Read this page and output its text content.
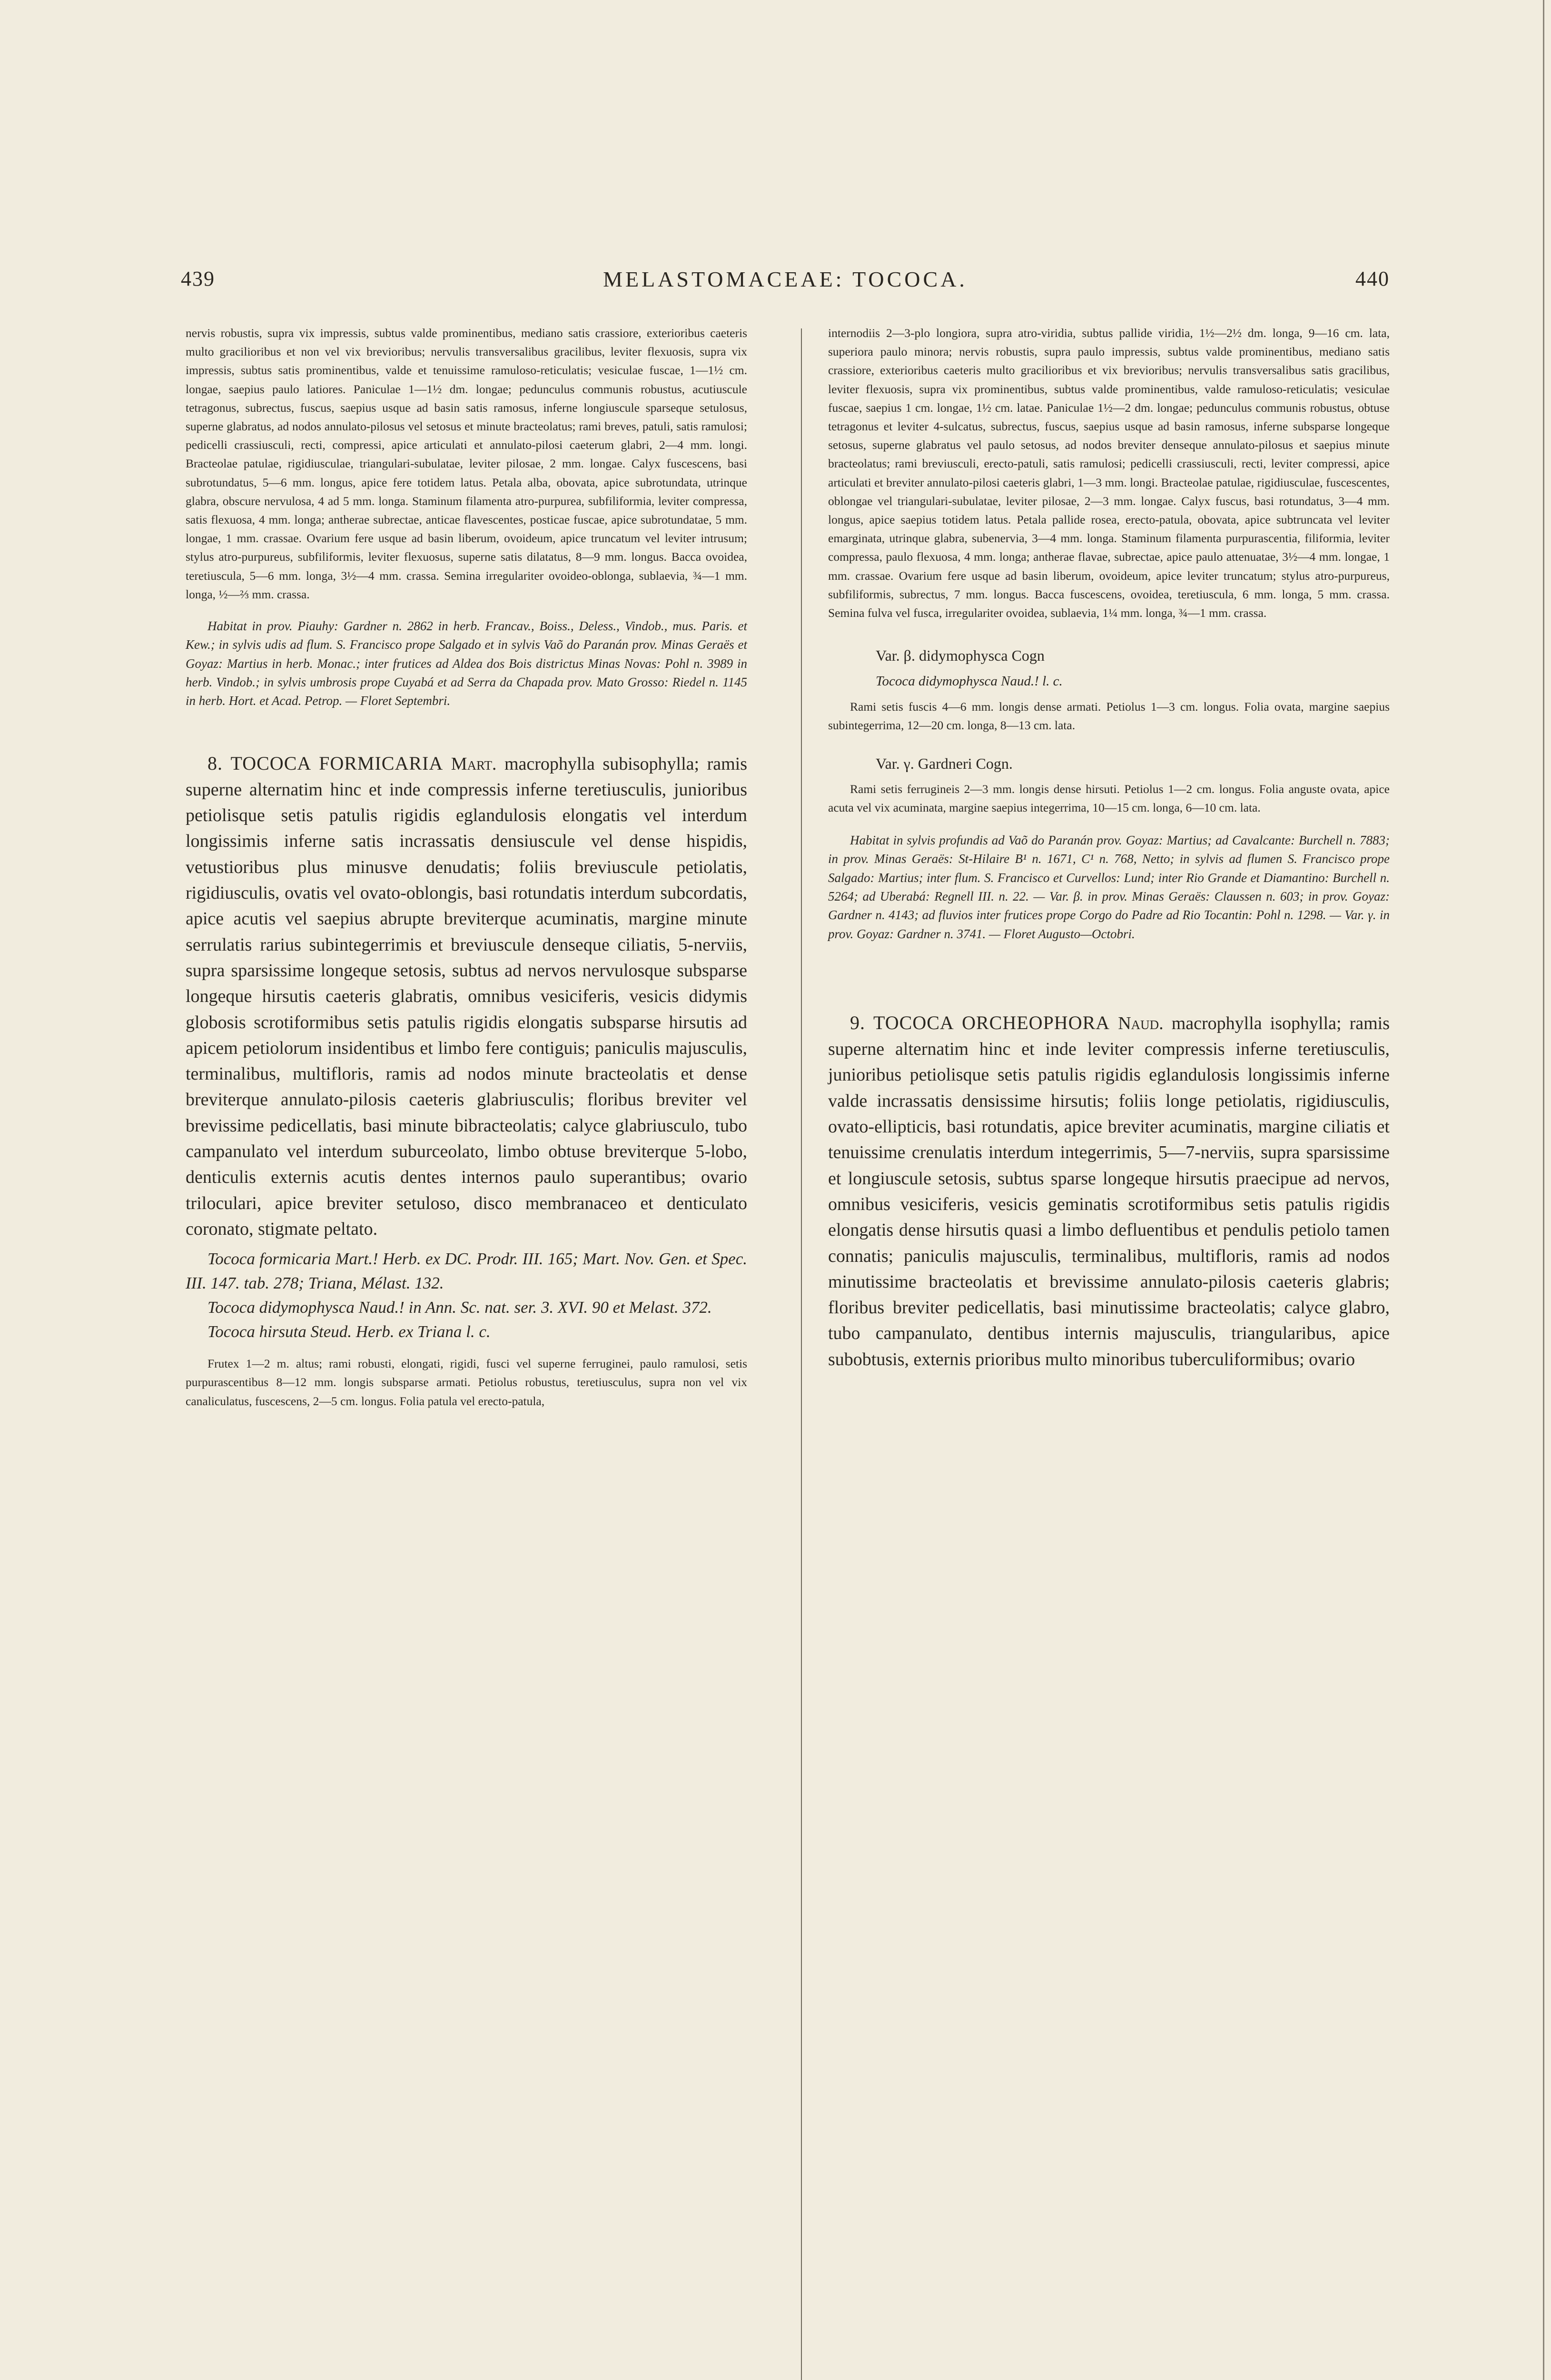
439	MELASTOMACEAE: TOCOCA.	440

nervis robustis, supra vix impressis, subtus valde prominentibus, mediano satis crassiore, exterioribus caeteris multo gracilioribus et non vel vix brevioribus; nervulis transversalibus gracilibus, leviter flexuosis, supra vix impressis, subtus satis prominentibus, valde et tenuissime ramuloso-reticulatis; vesiculae fuscae, 1—1½ cm. longae, saepius paulo latiores. Paniculae 1—1½ dm. longae; pedunculus communis robustus, acutiuscule tetragonus, subrectus, fuscus, saepius usque ad basin satis ramosus, inferne longiuscule sparseque setulosus, superne glabratus, ad nodos annulato-pilosus vel setosus et minute bracteolatus; rami breves, patuli, satis ramulosi; pedicelli crassiusculi, recti, compressi, apice articulati et annulato-pilosi caeterum glabri, 2—4 mm. longi. Bracteolae patulae, rigidiusculae, triangulari-subulatae, leviter pilosae, 2 mm. longae. Calyx fuscescens, basi subrotundatus, 5—6 mm. longus, apice fere totidem latus. Petala alba, obovata, apice subrotundata, utrinque glabra, obscure nervulosa, 4 ad 5 mm. longa. Staminum filamenta atro-purpurea, subfiliformia, leviter compressa, satis flexuosa, 4 mm. longa; antherae subrectae, anticae flavescentes, posticae fuscae, apice subrotundatae, 5 mm. longae, 1 mm. crassae. Ovarium fere usque ad basin liberum, ovoideum, apice truncatum vel leviter intrusum; stylus atro-purpureus, subfiliformis, leviter flexuosus, superne satis dilatatus, 8—9 mm. longus. Bacca ovoidea, teretiuscula, 5—6 mm. longa, 3½—4 mm. crassa. Semina irregulariter ovoideo-oblonga, sublaevia, ¾—1 mm. longa, ½—⅔ mm. crassa.

Habitat in prov. Piauhy: Gardner n. 2862 in herb. Francav., Boiss., Deless., Vindob., mus. Paris. et Kew.; in sylvis udis ad flum. S. Francisco prope Salgado et in sylvis Vaõ do Paranán prov. Minas Geraës et Goyaz: Martius in herb. Monac.; inter frutices ad Aldea dos Bois districtus Minas Novas: Pohl n. 3989 in herb. Vindob.; in sylvis umbrosis prope Cuyabá et ad Serra da Chapada prov. Mato Grosso: Riedel n. 1145 in herb. Hort. et Acad. Petrop. — Floret Septembri.

8. TOCOCA FORMICARIA Mart. macrophylla subisophylla; ramis superne alternatim hinc et inde compressis inferne teretiusculis, junioribus petiolisque setis patulis rigidis eglandulosis elongatis vel interdum longissimis inferne satis incrassatis densiuscule vel dense hispidis, vetustioribus plus minusve denudatis; foliis breviuscule petiolatis, rigidiusculis, ovatis vel ovato-oblongis, basi rotundatis interdum subcordatis, apice acutis vel saepius abrupte breviterque acuminatis, margine minute serrulatis rarius subintegerrimis et breviuscule denseque ciliatis, 5-nerviis, supra sparsissime longeque setosis, subtus ad nervos nervulosque subsparse longeque hirsutis caeteris glabratis, omnibus vesiciferis, vesicis didymis globosis scrotiformibus setis patulis rigidis elongatis subsparse hirsutis ad apicem petiolorum insidentibus et limbo fere contiguis; paniculis majusculis, terminalibus, multifloris, ramis ad nodos minute bracteolatis et dense breviterque annulato-pilosis caeteris glabriusculis; floribus breviter vel brevissime pedicellatis, basi minute bibracteolatis; calyce glabriusculo, tubo campanulato vel interdum suburceolato, limbo obtuse breviterque 5-lobo, denticulis externis acutis dentes internos paulo superantibus; ovario triloculari, apice breviter setuloso, disco membranaceo et denticulato coronato, stigmate peltato.

Tococa formicaria Mart.! Herb. ex DC. Prodr. III. 165; Mart. Nov. Gen. et Spec. III. 147. tab. 278; Triana, Mélast. 132.

Tococa didymophysca Naud.! in Ann. Sc. nat. ser. 3. XVI. 90 et Melast. 372.

Tococa hirsuta Steud. Herb. ex Triana l. c.

Frutex 1—2 m. altus; rami robusti, elongati, rigidi, fusci vel superne ferruginei, paulo ramulosi, setis purpurascentibus 8—12 mm. longis subsparse armati. Petiolus robustus, teretiusculus, supra non vel vix canaliculatus, fuscescens, 2—5 cm. longus. Folia patula vel erecto-patula,

internodiis 2—3-plo longiora, supra atro-viridia, subtus pallide viridia, 1½—2½ dm. longa, 9—16 cm. lata, superiora paulo minora; nervis robustis, supra paulo impressis, subtus valde prominentibus, mediano satis crassiore, exterioribus caeteris multo gracilioribus et vix brevioribus; nervulis transversalibus satis gracilibus, leviter flexuosis, supra vix prominentibus, subtus valde prominentibus, valde ramuloso-reticulatis; vesiculae fuscae, saepius 1 cm. longae, 1½ cm. latae. Paniculae 1½—2 dm. longae; pedunculus communis robustus, obtuse tetragonus et leviter 4-sulcatus, subrectus, fuscus, saepius usque ad basin ramosus, inferne subsparse longeque setosus, superne glabratus vel paulo setosus, ad nodos breviter denseque annulato-pilosus et saepius minute bracteolatus; rami breviusculi, erecto-patuli, satis ramulosi; pedicelli crassiusculi, recti, leviter compressi, apice articulati et breviter annulato-pilosi caeteris glabri, 1—3 mm. longi. Bracteolae patulae, rigidiusculae, fuscescentes, oblongae vel triangulari-subulatae, leviter pilosae, 2—3 mm. longae. Calyx fuscus, basi rotundatus, 3—4 mm. longus, apice saepius totidem latus. Petala pallide rosea, erecto-patula, obovata, apice subtruncata vel leviter emarginata, utrinque glabra, subenervia, 3—4 mm. longa. Staminum filamenta purpurascentia, filiformia, leviter compressa, paulo flexuosa, 4 mm. longa; antherae flavae, subrectae, apice paulo attenuatae, 3½—4 mm. longae, 1 mm. crassae. Ovarium fere usque ad basin liberum, ovoideum, apice leviter truncatum; stylus atro-purpureus, subfiliformis, subrectus, 7 mm. longus. Bacca fuscescens, ovoidea, teretiuscula, 6 mm. longa, 5 mm. crassa. Semina fulva vel fusca, irregulariter ovoidea, sublaevia, 1¼ mm. longa, ¾—1 mm. crassa.

Var. β. didymophysca Cogn

Tococa didymophysca Naud.! l. c.

Rami setis fuscis 4—6 mm. longis dense armati. Petiolus 1—3 cm. longus. Folia ovata, margine saepius subintegerrima, 12—20 cm. longa, 8—13 cm. lata.

Var. γ. Gardneri Cogn.

Rami setis ferrugineis 2—3 mm. longis dense hirsuti. Petiolus 1—2 cm. longus. Folia anguste ovata, apice acuta vel vix acuminata, margine saepius integerrima, 10—15 cm. longa, 6—10 cm. lata.

Habitat in sylvis profundis ad Vaõ do Paranán prov. Goyaz: Martius; ad Cavalcante: Burchell n. 7883; in prov. Minas Geraës: St-Hilaire B¹ n. 1671, C¹ n. 768, Netto; in sylvis ad flumen S. Francisco prope Salgado: Martius; inter flum. S. Francisco et Curvellos: Lund; inter Rio Grande et Diamantino: Burchell n. 5264; ad Uberabá: Regnell III. n. 22. — Var. β. in prov. Minas Geraës: Claussen n. 603; in prov. Goyaz: Gardner n. 4143; ad fluvios inter frutices prope Corgo do Padre ad Rio Tocantin: Pohl n. 1298. — Var. γ. in prov. Goyaz: Gardner n. 3741. — Floret Augusto—Octobri.

9. TOCOCA ORCHEOPHORA Naud. macrophylla isophylla; ramis superne alternatim hinc et inde leviter compressis inferne teretiusculis, junioribus petiolisque setis patulis rigidis eglandulosis longissimis inferne valde incrassatis densissime hirsutis; foliis longe petiolatis, rigidiusculis, ovato-ellipticis, basi rotundatis, apice breviter acuminatis, margine ciliatis et tenuissime crenulatis interdum integerrimis, 5—7-nerviis, supra sparsissime et longiuscule setosis, subtus sparse longeque hirsutis praecipue ad nervos, omnibus vesiciferis, vesicis geminatis scrotiformibus setis patulis rigidis elongatis dense hirsutis quasi a limbo defluentibus et pendulis petiolo tamen connatis; paniculis majusculis, terminalibus, multifloris, ramis ad nodos minutissime bracteolatis et brevissime annulato-pilosis caeteris glabris; floribus breviter pedicellatis, basi minutissime bracteolatis; calyce glabro, tubo campanulato, dentibus internis majusculis, triangularibus, apice subobtusis, externis prioribus multo minoribus tuberculiformibus; ovario
